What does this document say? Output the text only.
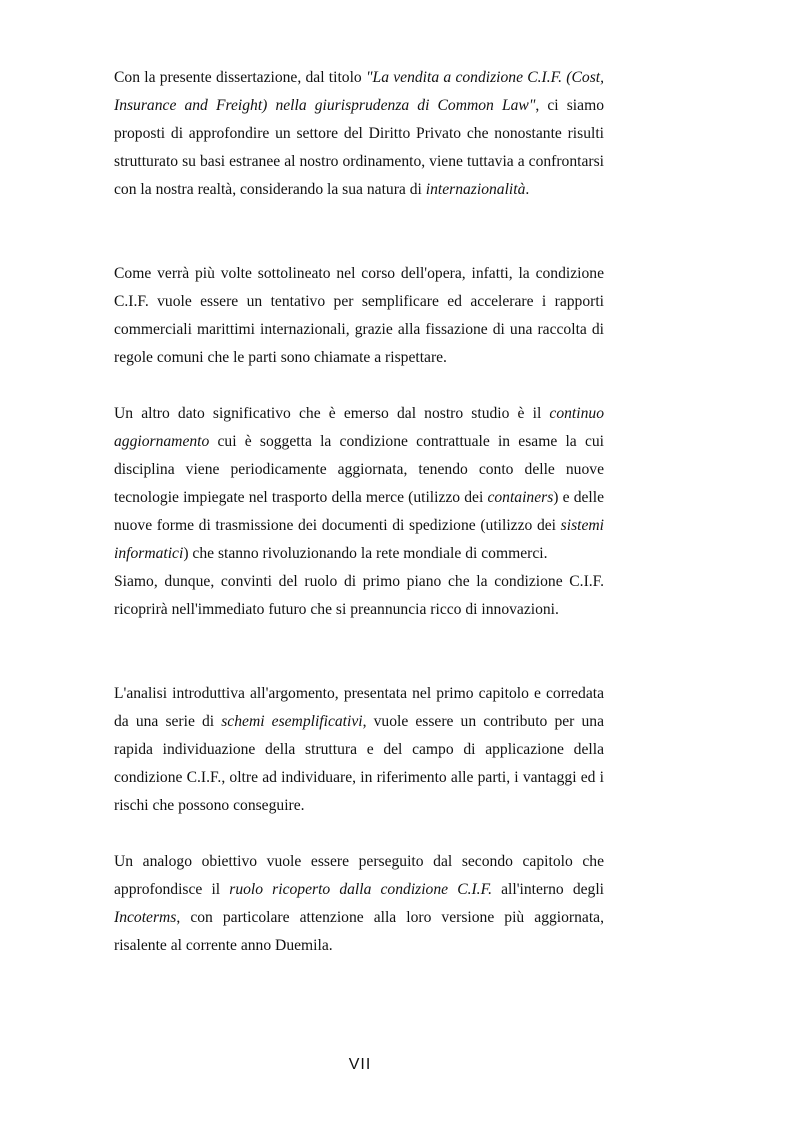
Con la presente dissertazione, dal titolo "La vendita a condizione C.I.F. (Cost, Insurance and Freight) nella giurisprudenza di Common Law", ci siamo proposti di approfondire un settore del Diritto Privato che nonostante risulti strutturato su basi estranee al nostro ordinamento, viene tuttavia a confrontarsi con la nostra realtà, considerando la sua natura di internazionalità.

Come verrà più volte sottolineato nel corso dell'opera, infatti, la condizione C.I.F. vuole essere un tentativo per semplificare ed accelerare i rapporti commerciali marittimi internazionali, grazie alla fissazione di una raccolta di regole comuni che le parti sono chiamate a rispettare.

Un altro dato significativo che è emerso dal nostro studio è il continuo aggiornamento cui è soggetta la condizione contrattuale in esame la cui disciplina viene periodicamente aggiornata, tenendo conto delle nuove tecnologie impiegate nel trasporto della merce (utilizzo dei containers) e delle nuove forme di trasmissione dei documenti di spedizione (utilizzo dei sistemi informatici) che stanno rivoluzionando la rete mondiale di commerci.

Siamo, dunque, convinti del ruolo di primo piano che la condizione C.I.F. ricoprirà nell'immediato futuro che si preannuncia ricco di innovazioni.

L'analisi introduttiva all'argomento, presentata nel primo capitolo e corredata da una serie di schemi esemplificativi, vuole essere un contributo per una rapida individuazione della struttura e del campo di applicazione della condizione C.I.F., oltre ad individuare, in riferimento alle parti, i vantaggi ed i rischi che possono conseguire.

Un analogo obiettivo vuole essere perseguito dal secondo capitolo che approfondisce il ruolo ricoperto dalla condizione C.I.F. all'interno degli Incoterms, con particolare attenzione alla loro versione più aggiornata, risalente al corrente anno Duemila.

VII
